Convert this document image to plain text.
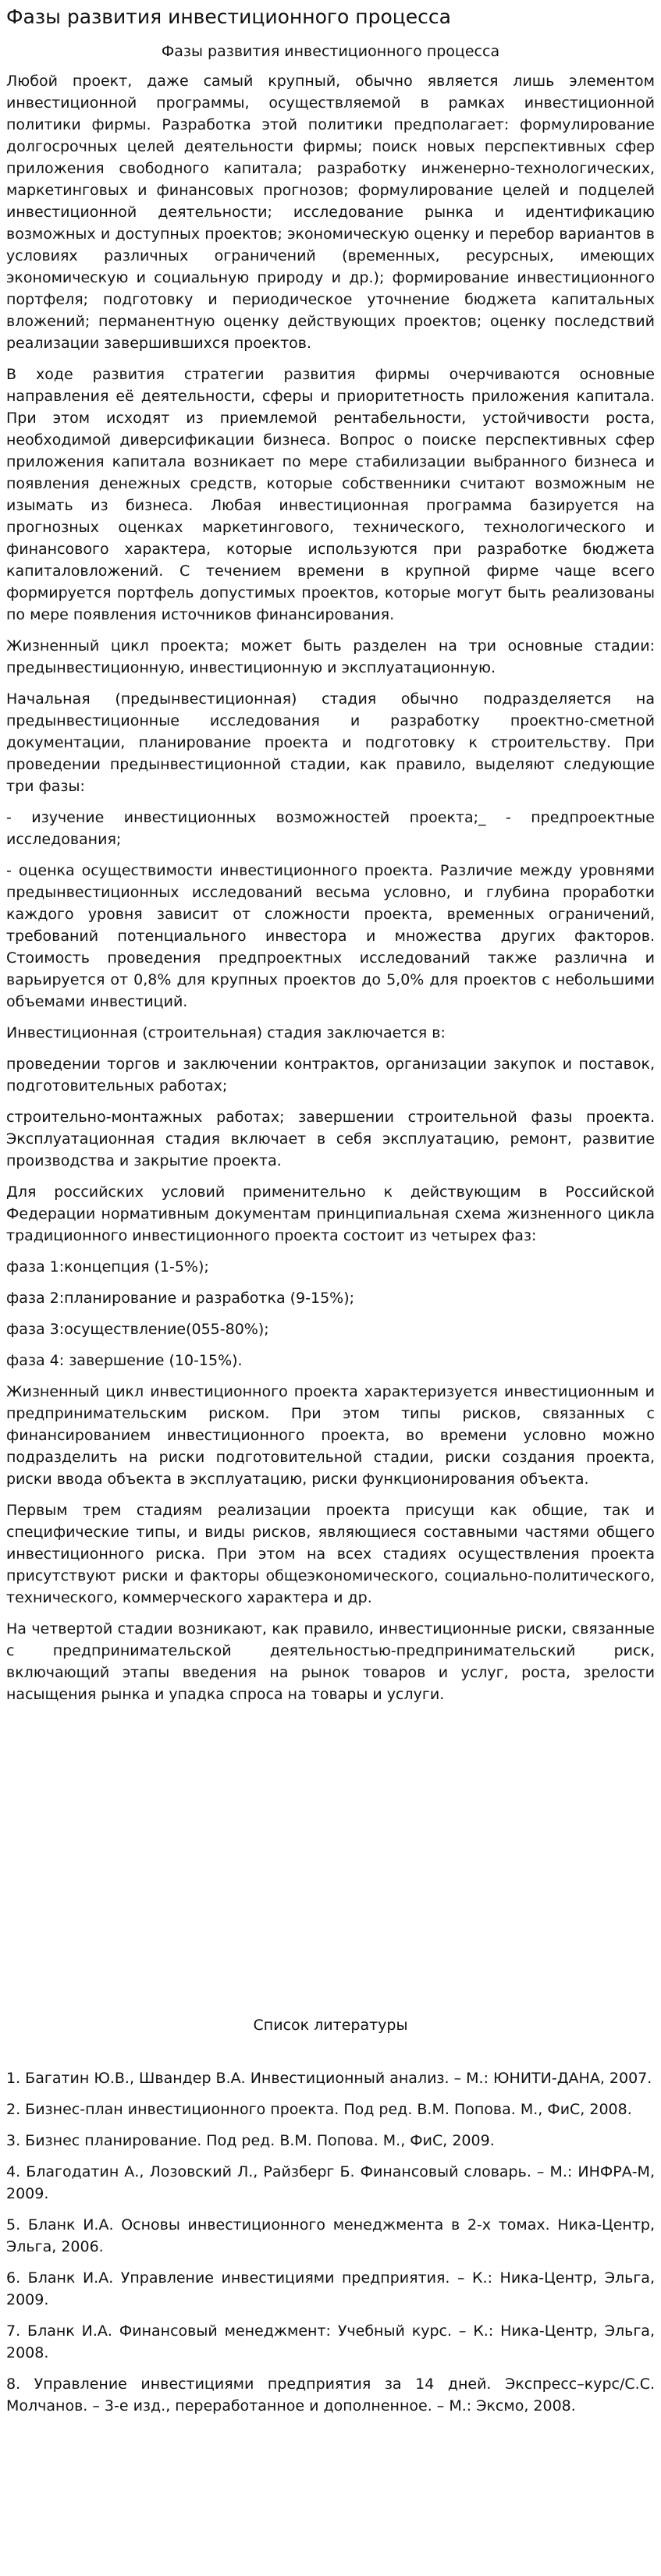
Фазы развития инвестиционного процесса
Фазы развития инвестиционного процесса

Любой проект, даже самый крупный, обычно является лишь элементом инвестиционной программы, осуществляемой в рамках инвестиционной политики фирмы. Разработка этой политики предполагает: формулирование долгосрочных целей деятельности фирмы; поиск новых перспективных сфер приложения свободного капитала; разработку инженерно-технологических, маркетинговых и финансовых прогнозов; формулирование целей и подцелей инвестиционной деятельности; исследование рынка и идентификацию возможных и доступных проектов; экономическую оценку и перебор вариантов в условиях различных ограничений (временных, ресурсных, имеющих экономическую и социальную природу и др.); формирование инвестиционного портфеля; подготовку и периодическое уточнение бюджета капитальных вложений; перманентную оценку действующих проектов; оценку последствий реализации завершившихся проектов.

В ходе развития стратегии развития фирмы очерчиваются основные направления её деятельности, сферы и приоритетность приложения капитала. При этом исходят из приемлемой рентабельности, устойчивости роста, необходимой диверсификации бизнеса. Вопрос о поиске перспективных сфер приложения капитала возникает по мере стабилизации выбранного бизнеса и появления денежных средств, которые собственники считают возможным не изымать из бизнеса. Любая инвестиционная программа базируется на прогнозных оценках маркетингового, технического, технологического и финансового характера, которые используются при разработке бюджета капиталовложений. С течением времени в крупной фирме чаще всего формируется портфель допустимых проектов, которые могут быть реализованы по мере появления источников финансирования.

Жизненный цикл проекта; может быть разделен на три основные стадии: предынвестиционную, инвестиционную и эксплуатационную.

Начальная (предынвестиционная) стадия обычно подразделяется на предынвестиционные исследования и разработку проектно-сметной документации, планирование проекта и подготовку к строительству. При проведении предынвестиционной стадии, как правило, выделяют следующие три фазы:

- изучение инвестиционных возможностей проекта;_ - предпроектные исследования;

- оценка осуществимости инвестиционного проекта. Различие между уровнями предынвестиционных исследований весьма условно, и глубина проработки каждого уровня зависит от сложности проекта, временных ограничений, требований потенциального инвестора и множества других факторов. Стоимость проведения предпроектных исследований также различна и варьируется от 0,8% для крупных проектов до 5,0% для проектов с небольшими объемами инвестиций.

Инвестиционная (строительная) стадия заключается в:

проведении торгов и заключении контрактов, организации закупок и поставок, подготовительных работах;

строительно-монтажных работах; завершении строительной фазы проекта. Эксплуатационная стадия включает в себя эксплуатацию, ремонт, развитие производства и закрытие проекта.

Для российских условий применительно к действующим в Российской Федерации нормативным документам принципиальная схема жизненного цикла традиционного инвестиционного проекта состоит из четырех фаз:

фаза 1:концепция (1-5%);

фаза 2:планирование и разработка (9-15%);

фаза 3:осуществление(055-80%);

фаза 4: завершение (10-15%).

Жизненный цикл инвестиционного проекта характеризуется инвестиционным и предпринимательским риском. При этом типы рисков, связанных с финансированием инвестиционного проекта, во времени условно можно подразделить на риски подготовительной стадии, риски создания проекта, риски ввода объекта в эксплуатацию, риски функционирования объекта.

Первым трем стадиям реализации проекта присущи как общие, так и специфические типы, и виды рисков, являющиеся составными частями общего инвестиционного риска. При этом на всех стадиях осуществления проекта присутствуют риски и факторы общеэкономического, социально-политического, технического, коммерческого характера и др.

На четвертой стадии возникают, как правило, инвестиционные риски, связанные с предпринимательской деятельностью-предпринимательский риск, включающий этапы введения на рынок товаров и услуг, роста, зрелости насыщения рынка и упадка спроса на товары и услуги.

Список литературы

1. Багатин Ю.В., Швандер В.А. Инвестиционный анализ. – М.: ЮНИТИ-ДАНА, 2007.

2. Бизнес-план инвестиционного проекта. Под ред. В.М. Попова. М., ФиС, 2008.

3. Бизнес планирование. Под ред. В.М. Попова. М., ФиС, 2009.

4. Благодатин А., Лозовский Л., Райзберг Б. Финансовый словарь. – М.: ИНФРА-М, 2009.

5. Бланк И.А. Основы инвестиционного менеджмента в 2-х томах. Ника-Центр, Эльга, 2006.

6. Бланк И.А. Управление инвестициями предприятия. – К.: Ника-Центр, Эльга, 2009.

7. Бланк И.А. Финансовый менеджмент: Учебный курс. – К.: Ника-Центр, Эльга, 2008.

8. Управление инвестициями предприятия за 14 дней. Экспресс–курс/С.С. Молчанов. – 3-е изд., переработанное и дополненное. – М.: Эксмо, 2008.
